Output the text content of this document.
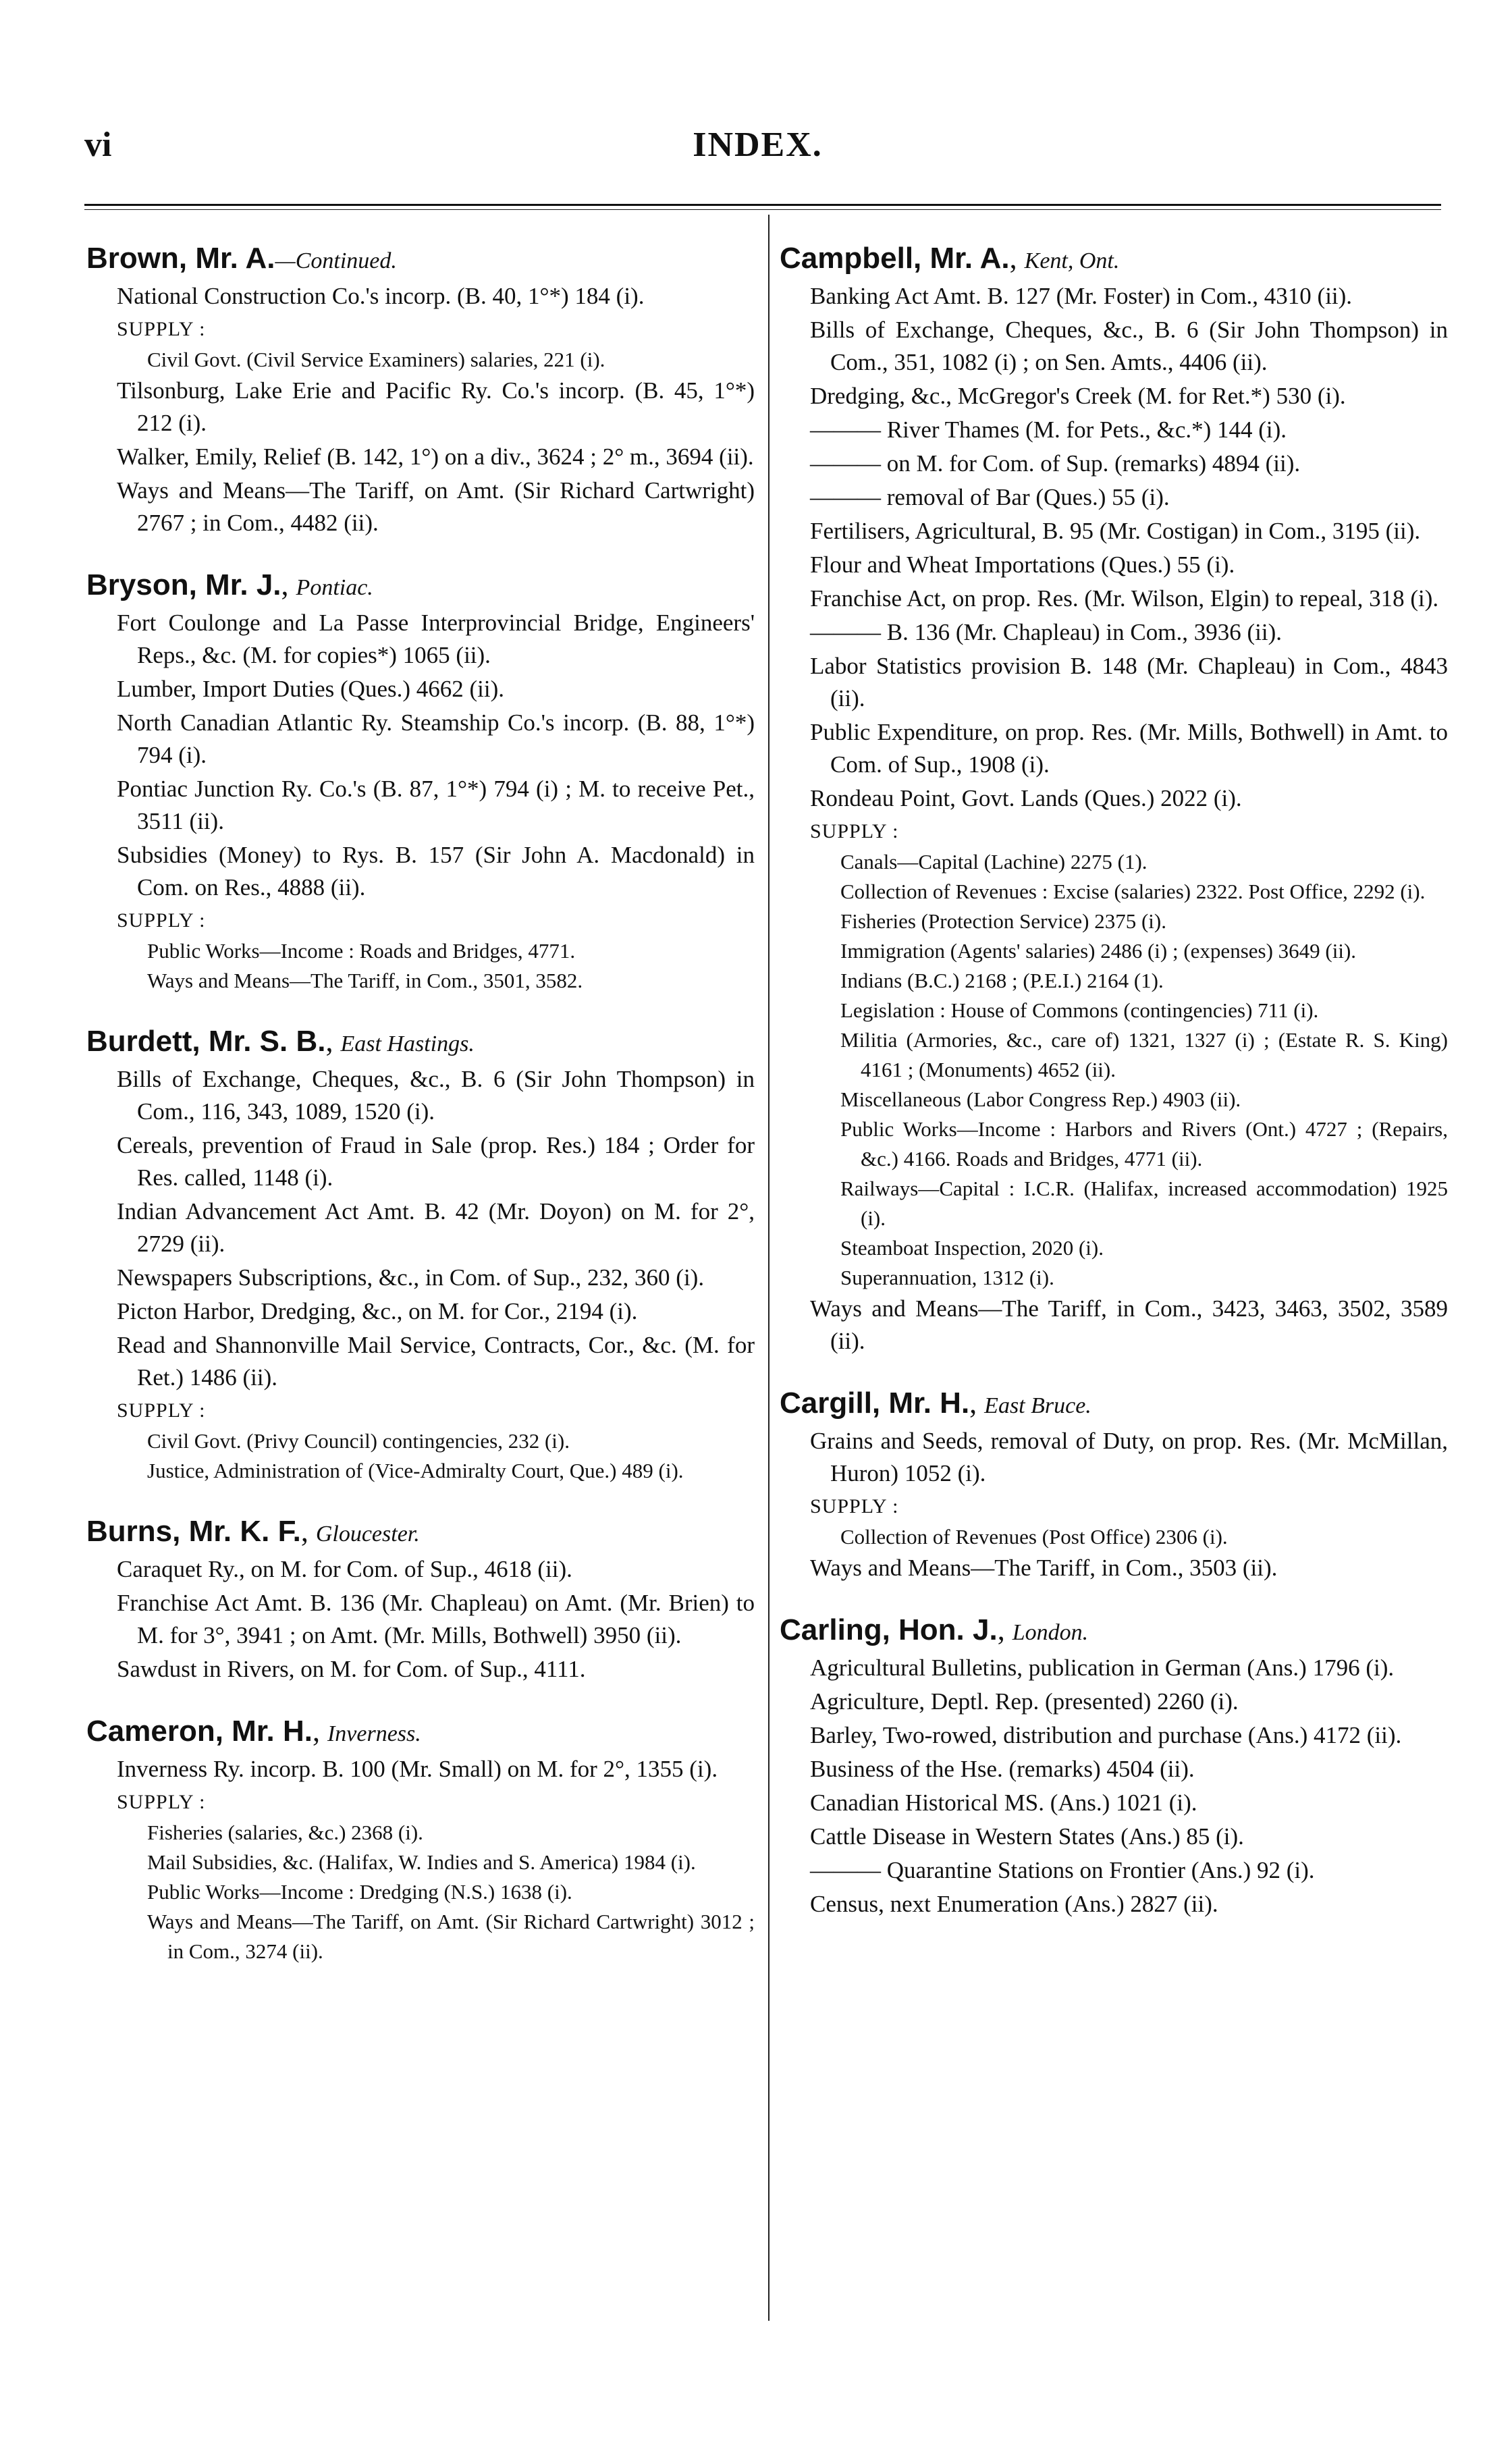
vi	INDEX.

Brown, Mr. A.—Continued.

National Construction Co.'s incorp. (B. 40, 1°*) 184 (i).

SUPPLY :

Civil Govt. (Civil Service Examiners) salaries, 221 (i).

Tilsonburg, Lake Erie and Pacific Ry. Co.'s incorp. (B. 45, 1°*) 212 (i).

Walker, Emily, Relief (B. 142, 1°) on a div., 3624 ; 2° m., 3694 (ii).

Ways and Means—The Tariff, on Amt. (Sir Richard Cartwright) 2767 ; in Com., 4482 (ii).

Bryson, Mr. J., Pontiac.

Fort Coulonge and La Passe Interprovincial Bridge, Engineers' Reps., &c. (M. for copies*) 1065 (ii).

Lumber, Import Duties (Ques.) 4662 (ii).

North Canadian Atlantic Ry. Steamship Co.'s incorp. (B. 88, 1°*) 794 (i).

Pontiac Junction Ry. Co.'s (B. 87, 1°*) 794 (i) ; M. to receive Pet., 3511 (ii).

Subsidies (Money) to Rys. B. 157 (Sir John A. Macdonald) in Com. on Res., 4888 (ii).

SUPPLY :

Public Works—Income : Roads and Bridges, 4771.

Ways and Means—The Tariff, in Com., 3501, 3582.

Burdett, Mr. S. B., East Hastings.

Bills of Exchange, Cheques, &c., B. 6 (Sir John Thompson) in Com., 116, 343, 1089, 1520 (i).

Cereals, prevention of Fraud in Sale (prop. Res.) 184 ; Order for Res. called, 1148 (i).

Indian Advancement Act Amt. B. 42 (Mr. Doyon) on M. for 2°, 2729 (ii).

Newspapers Subscriptions, &c., in Com. of Sup., 232, 360 (i).

Picton Harbor, Dredging, &c., on M. for Cor., 2194 (i).

Read and Shannonville Mail Service, Contracts, Cor., &c. (M. for Ret.) 1486 (ii).

SUPPLY :

Civil Govt. (Privy Council) contingencies, 232 (i).

Justice, Administration of (Vice-Admiralty Court, Que.) 489 (i).

Burns, Mr. K. F., Gloucester.

Caraquet Ry., on M. for Com. of Sup., 4618 (ii).

Franchise Act Amt. B. 136 (Mr. Chapleau) on Amt. (Mr. Brien) to M. for 3°, 3941 ; on Amt. (Mr. Mills, Bothwell) 3950 (ii).

Sawdust in Rivers, on M. for Com. of Sup., 4111.

Cameron, Mr. H., Inverness.

Inverness Ry. incorp. B. 100 (Mr. Small) on M. for 2°, 1355 (i).

SUPPLY :

Fisheries (salaries, &c.) 2368 (i).

Mail Subsidies, &c. (Halifax, W. Indies and S. America) 1984 (i).

Public Works—Income : Dredging (N.S.) 1638 (i).

Ways and Means—The Tariff, on Amt. (Sir Richard Cartwright) 3012 ; in Com., 3274 (ii).

Campbell, Mr. A., Kent, Ont.

Banking Act Amt. B. 127 (Mr. Foster) in Com., 4310 (ii).

Bills of Exchange, Cheques, &c., B. 6 (Sir John Thompson) in Com., 351, 1082 (i) ; on Sen. Amts., 4406 (ii).

Dredging, &c., McGregor's Creek (M. for Ret.*) 530 (i).

——— River Thames (M. for Pets., &c.*) 144 (i).

——— on M. for Com. of Sup. (remarks) 4894 (ii).

——— removal of Bar (Ques.) 55 (i).

Fertilisers, Agricultural, B. 95 (Mr. Costigan) in Com., 3195 (ii).

Flour and Wheat Importations (Ques.) 55 (i).

Franchise Act, on prop. Res. (Mr. Wilson, Elgin) to repeal, 318 (i).

——— B. 136 (Mr. Chapleau) in Com., 3936 (ii).

Labor Statistics provision B. 148 (Mr. Chapleau) in Com., 4843 (ii).

Public Expenditure, on prop. Res. (Mr. Mills, Bothwell) in Amt. to Com. of Sup., 1908 (i).

Rondeau Point, Govt. Lands (Ques.) 2022 (i).

SUPPLY :

Canals—Capital (Lachine) 2275 (1).

Collection of Revenues : Excise (salaries) 2322. Post Office, 2292 (i).

Fisheries (Protection Service) 2375 (i).

Immigration (Agents' salaries) 2486 (i) ; (expenses) 3649 (ii).

Indians (B.C.) 2168 ; (P.E.I.) 2164 (1).

Legislation : House of Commons (contingencies) 711 (i).

Militia (Armories, &c., care of) 1321, 1327 (i) ; (Estate R. S. King) 4161 ; (Monuments) 4652 (ii).

Miscellaneous (Labor Congress Rep.) 4903 (ii).

Public Works—Income : Harbors and Rivers (Ont.) 4727 ; (Repairs, &c.) 4166. Roads and Bridges, 4771 (ii).

Railways—Capital : I.C.R. (Halifax, increased accommodation) 1925 (i).

Steamboat Inspection, 2020 (i).

Superannuation, 1312 (i).

Ways and Means—The Tariff, in Com., 3423, 3463, 3502, 3589 (ii).

Cargill, Mr. H., East Bruce.

Grains and Seeds, removal of Duty, on prop. Res. (Mr. McMillan, Huron) 1052 (i).

SUPPLY :

Collection of Revenues (Post Office) 2306 (i).

Ways and Means—The Tariff, in Com., 3503 (ii).

Carling, Hon. J., London.

Agricultural Bulletins, publication in German (Ans.) 1796 (i).

Agriculture, Deptl. Rep. (presented) 2260 (i).

Barley, Two-rowed, distribution and purchase (Ans.) 4172 (ii).

Business of the Hse. (remarks) 4504 (ii).

Canadian Historical MS. (Ans.) 1021 (i).

Cattle Disease in Western States (Ans.) 85 (i).

——— Quarantine Stations on Frontier (Ans.) 92 (i).

Census, next Enumeration (Ans.) 2827 (ii).
